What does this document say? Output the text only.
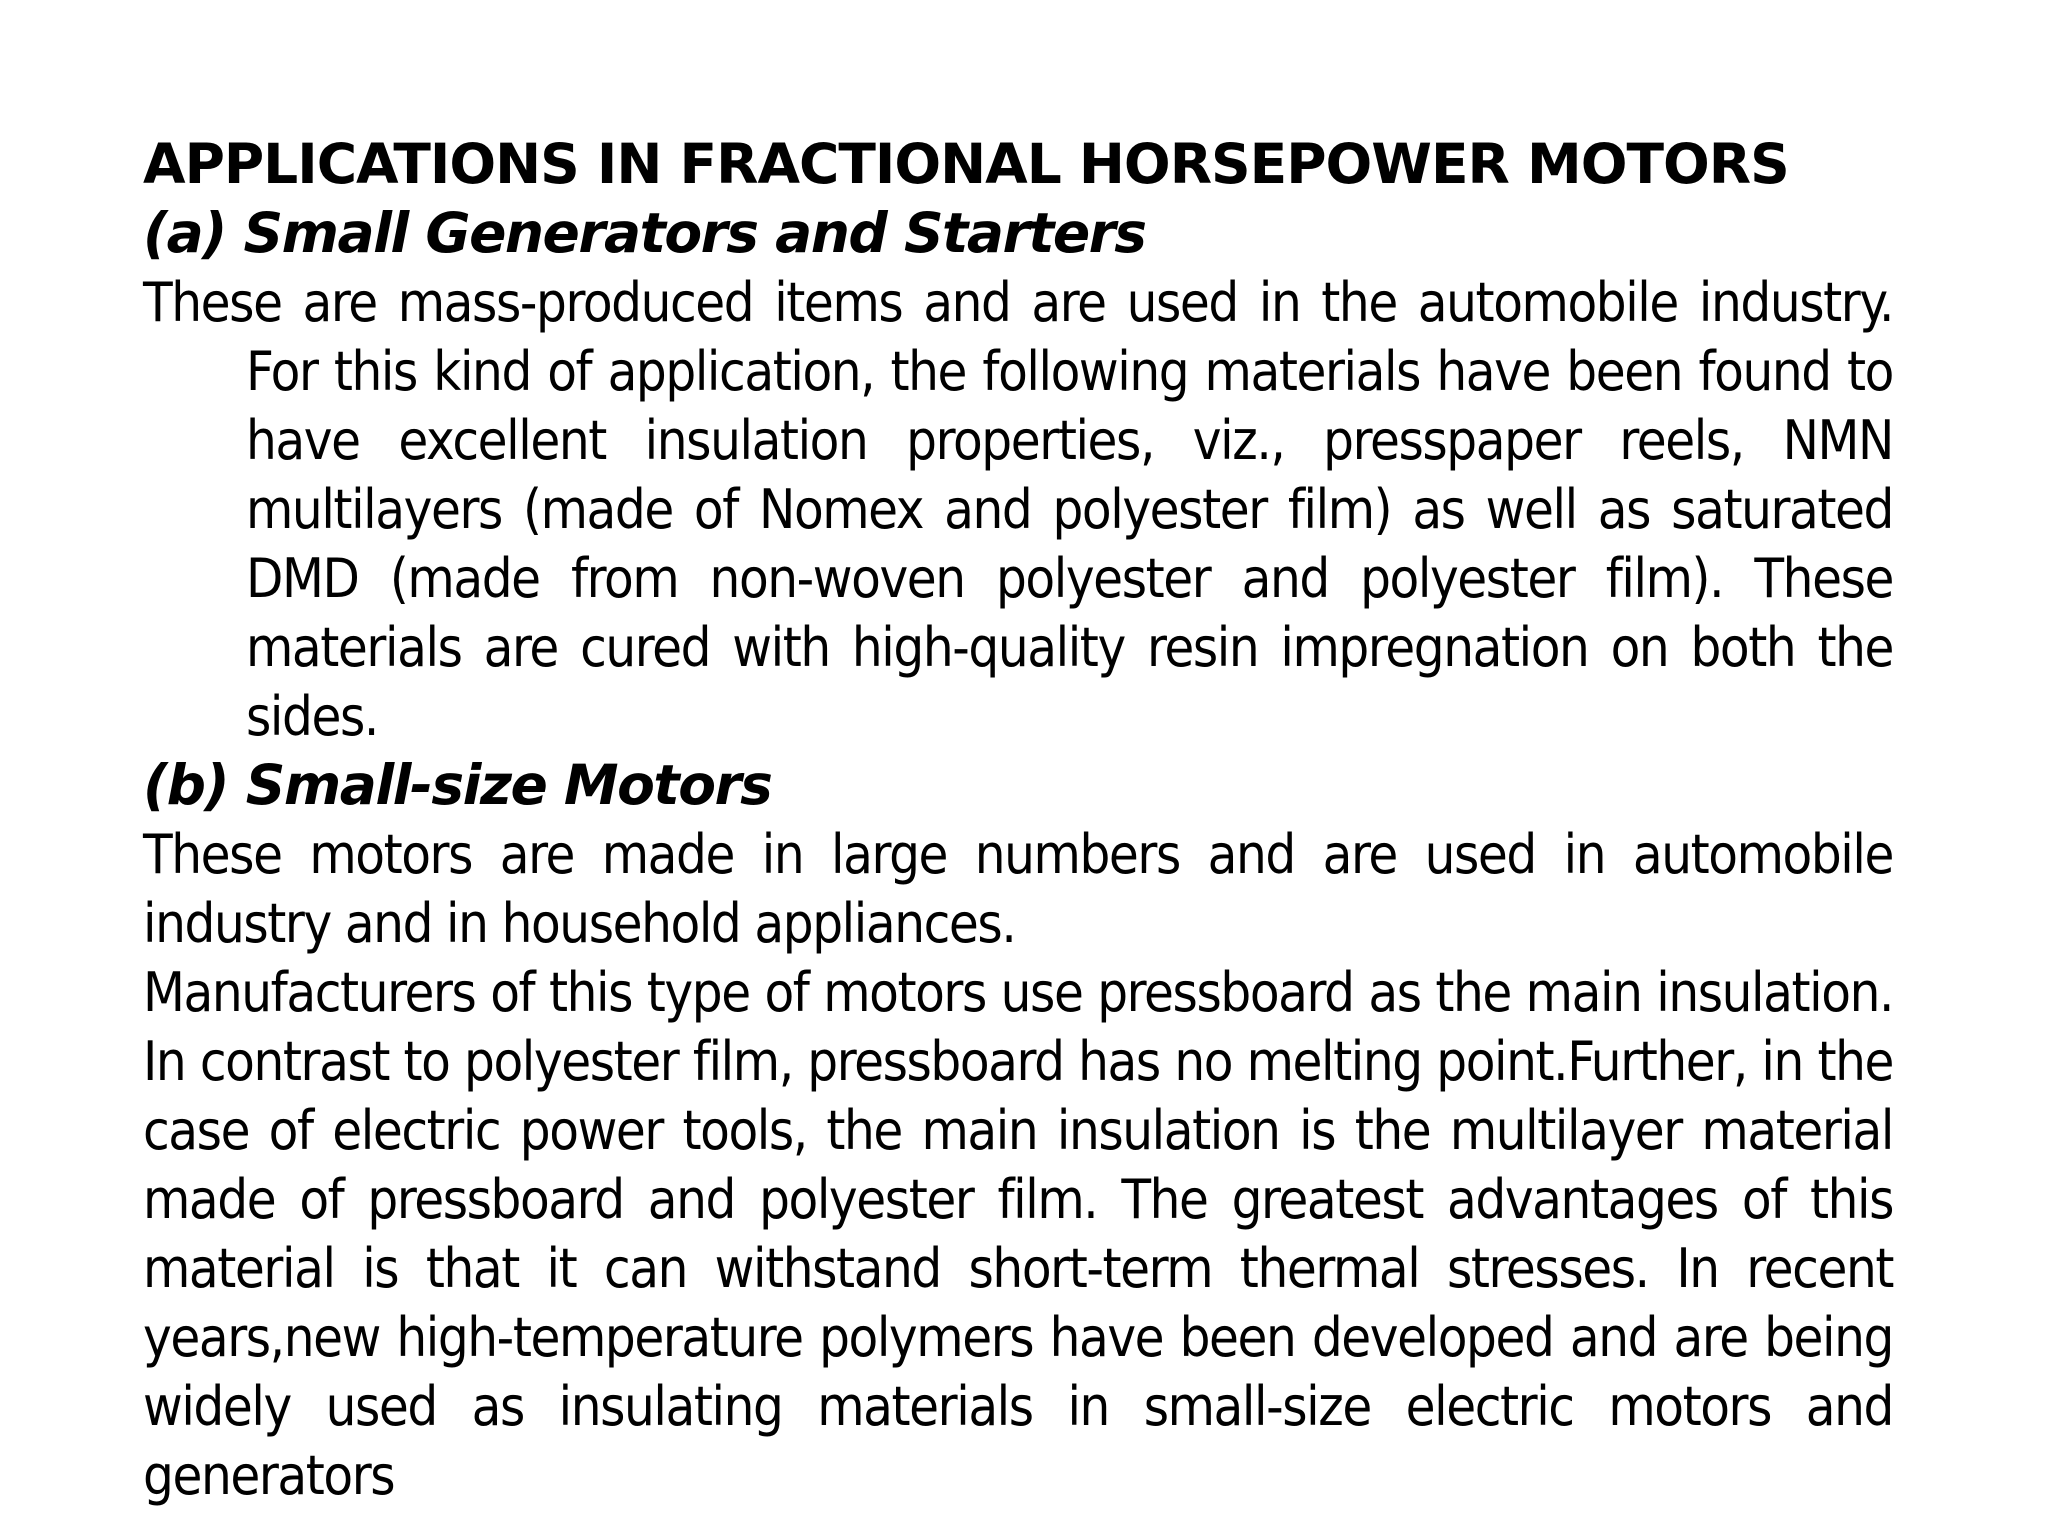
APPLICATIONS IN FRACTIONAL HORSEPOWER MOTORS
(a) Small Generators and Starters

These are mass-produced items and are used in the automobile industry. For this kind of application, the following materials have been found to have excellent insulation properties, viz., presspaper reels, NMN multilayers (made of Nomex and polyester film) as well as saturated DMD (made from non-woven polyester and polyester film). These materials are cured with high-quality resin impregnation on both the sides.

(b) Small-size Motors

These motors are made in large numbers and are used in automobile industry and in household appliances.

Manufacturers of this type of motors use pressboard as the main insulation. In contrast to polyester film, pressboard has no melting point.Further, in the case of electric power tools, the main insulation is the multilayer material made of pressboard and polyester film. The greatest advantages of this material is that it can withstand short-term thermal stresses. In recent years,new high-temperature polymers have been developed and are being widely used as insulating materials in small-size electric motors and generators
